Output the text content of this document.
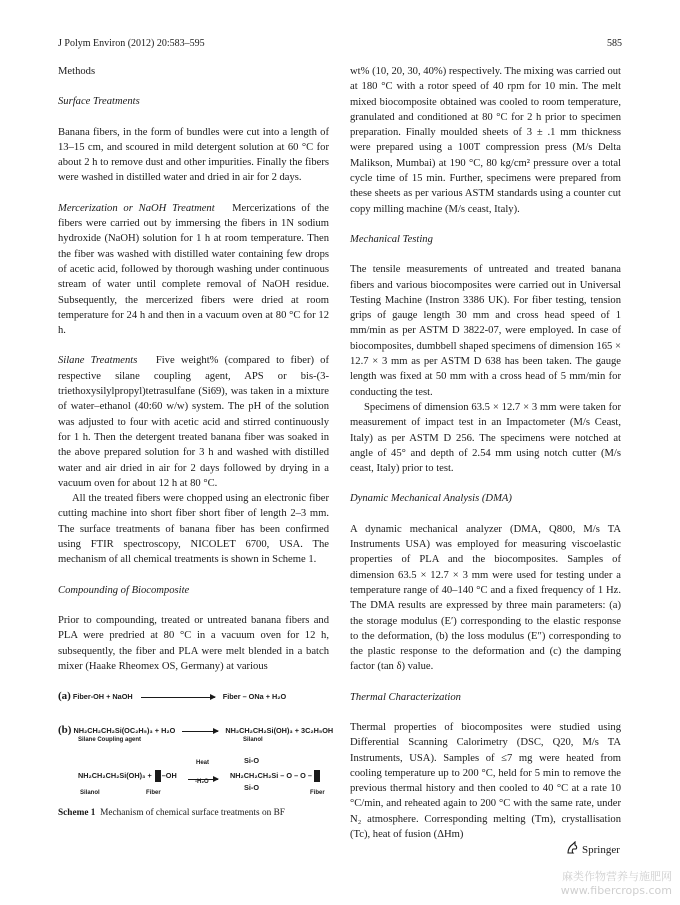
J Polym Environ (2012) 20:583–595	585

Methods

Surface Treatments

Banana fibers, in the form of bundles were cut into a length of 13–15 cm, and scoured in mild detergent solution at 60 °C for about 2 h to remove dust and other impurities. Finally the fibers were washed in distilled water and dried in air for 2 days.

Mercerization or NaOH Treatment Mercerizations of the fibers were carried out by immersing the fibers in 1N sodium hydroxide (NaOH) solution for 1 h at room temperature. Then the fiber was washed with distilled water containing few drops of acetic acid, followed by thorough washing under continuous stream of water until complete removal of NaOH residue. Subsequently, the mercerized fibers were dried at room temperature for 24 h and then in a vacuum oven at 80 °C for 12 h.

Silane Treatments Five weight% (compared to fiber) of respective silane coupling agent, APS or bis-(3-triethoxysilylpropyl)tetrasulfane (Si69), was taken in a mixture of water–ethanol (40:60 w/w) system. The pH of the solution was adjusted to four with acetic acid and stirred continuously for 1 h. Then the detergent treated banana fiber was soaked in the above prepared solution for 3 h and washed with distilled water and air dried in air for 2 days followed by drying in a vacuum oven for about 12 h at 80 °C.

All the treated fibers were chopped using an electronic fiber cutting machine into short fiber short fiber of length 2–3 mm. The surface treatments of banana fiber has been confirmed using FTIR spectroscopy, NICOLET 6700, USA. The mechanism of all chemical treatments is shown in Scheme 1.

Compounding of Biocomposite

Prior to compounding, treated or untreated banana fibers and PLA were predried at 80 °C in a vacuum oven for 12 h, subsequently, the fiber and PLA were melt blended in a batch mixer (Haake Rheomex OS, Germany) at various

wt% (10, 20, 30, 40%) respectively. The mixing was carried out at 180 °C with a rotor speed of 40 rpm for 10 min. The melt mixed biocomposite obtained was cooled to room temperature, granulated and conditioned at 80 °C for 2 h prior to specimen preparation. Finally moulded sheets of 3 ± .1 mm thickness were prepared using a 100T compression press (M/s Delta Malikson, Mumbai) at 190 °C, 80 kg/cm² pressure over a total cycle time of 15 min. Further, specimens were prepared from these sheets as per various ASTM standards using a counter cut copy milling machine (M/s ceast, Italy).

Mechanical Testing

The tensile measurements of untreated and treated banana fibers and various biocomposites were carried out in Universal Testing Machine (Instron 3386 UK). For fiber testing, tension grips of gauge length 30 mm and cross head speed of 1 mm/min as per ASTM D 3822-07, were employed. In case of biocomposites, dumbbell shaped specimens of dimension 165 × 12.7 × 3 mm as per ASTM D 638 has been taken. The gauge length was fixed at 50 mm with a cross head of 5 mm/min for conducting the test.

Specimens of dimension 63.5 × 12.7 × 3 mm were taken for measurement of impact test in an Impactometer (M/s Ceast, Italy) as per ASTM D 256. The specimens were notched at angle of 45° and depth of 2.54 mm using notch cutter (M/s ceast, Italy) prior to test.

Dynamic Mechanical Analysis (DMA)

A dynamic mechanical analyzer (DMA, Q800, M/s TA Instruments USA) was employed for measuring viscoelastic properties of PLA and the biocomposites. Samples of dimension 63.5 × 12.7 × 3 mm were used for testing under a temperature range of 40–140 °C and a fixed frequency of 1 Hz. The DMA results are expressed by three main parameters: (a) the storage modulus (E′) corresponding to the elastic response to the deformation, (b) the loss modulus (E″) corresponding to the plastic response to the deformation and (c) the damping factor (tan δ) value.

Thermal Characterization

Thermal properties of biocomposites were studied using Differential Scanning Calorimetry (DSC, Q20, M/s TA Instruments, USA). Samples of ≤7 mg were heated from cooling temperature up to 200 °C, held for 5 min to remove the previous thermal history and then cooled to 40 °C at a rate 10 °C/min, and reheated again to 200 °C with the same rate, under N₂ atmosphere. Corresponding melting (Tm), crystallisation (Tc), heat of fusion (ΔHm)

(a) Fiber-OH + NaOH	Fiber – ONa + H₂O
(b) NH₂CH₂CH₂Si(OC₂H₅)₃ + H₂O	NH₂CH₂CH₂Si(OH)₃ + 3C₂H₅OH
Silane Coupling agent	Silanol
Si-O
NH₂CH₂CH₂Si(OH)₃ + –OH
Heat
-H₂O
NH₂CH₂CH₂Si – O – O –
Si-O
Silanol	Fiber	Fiber
Scheme 1 Mechanism of chemical surface treatments on BF
Springer
麻类作物营养与施肥网
www.fibercrops.com
